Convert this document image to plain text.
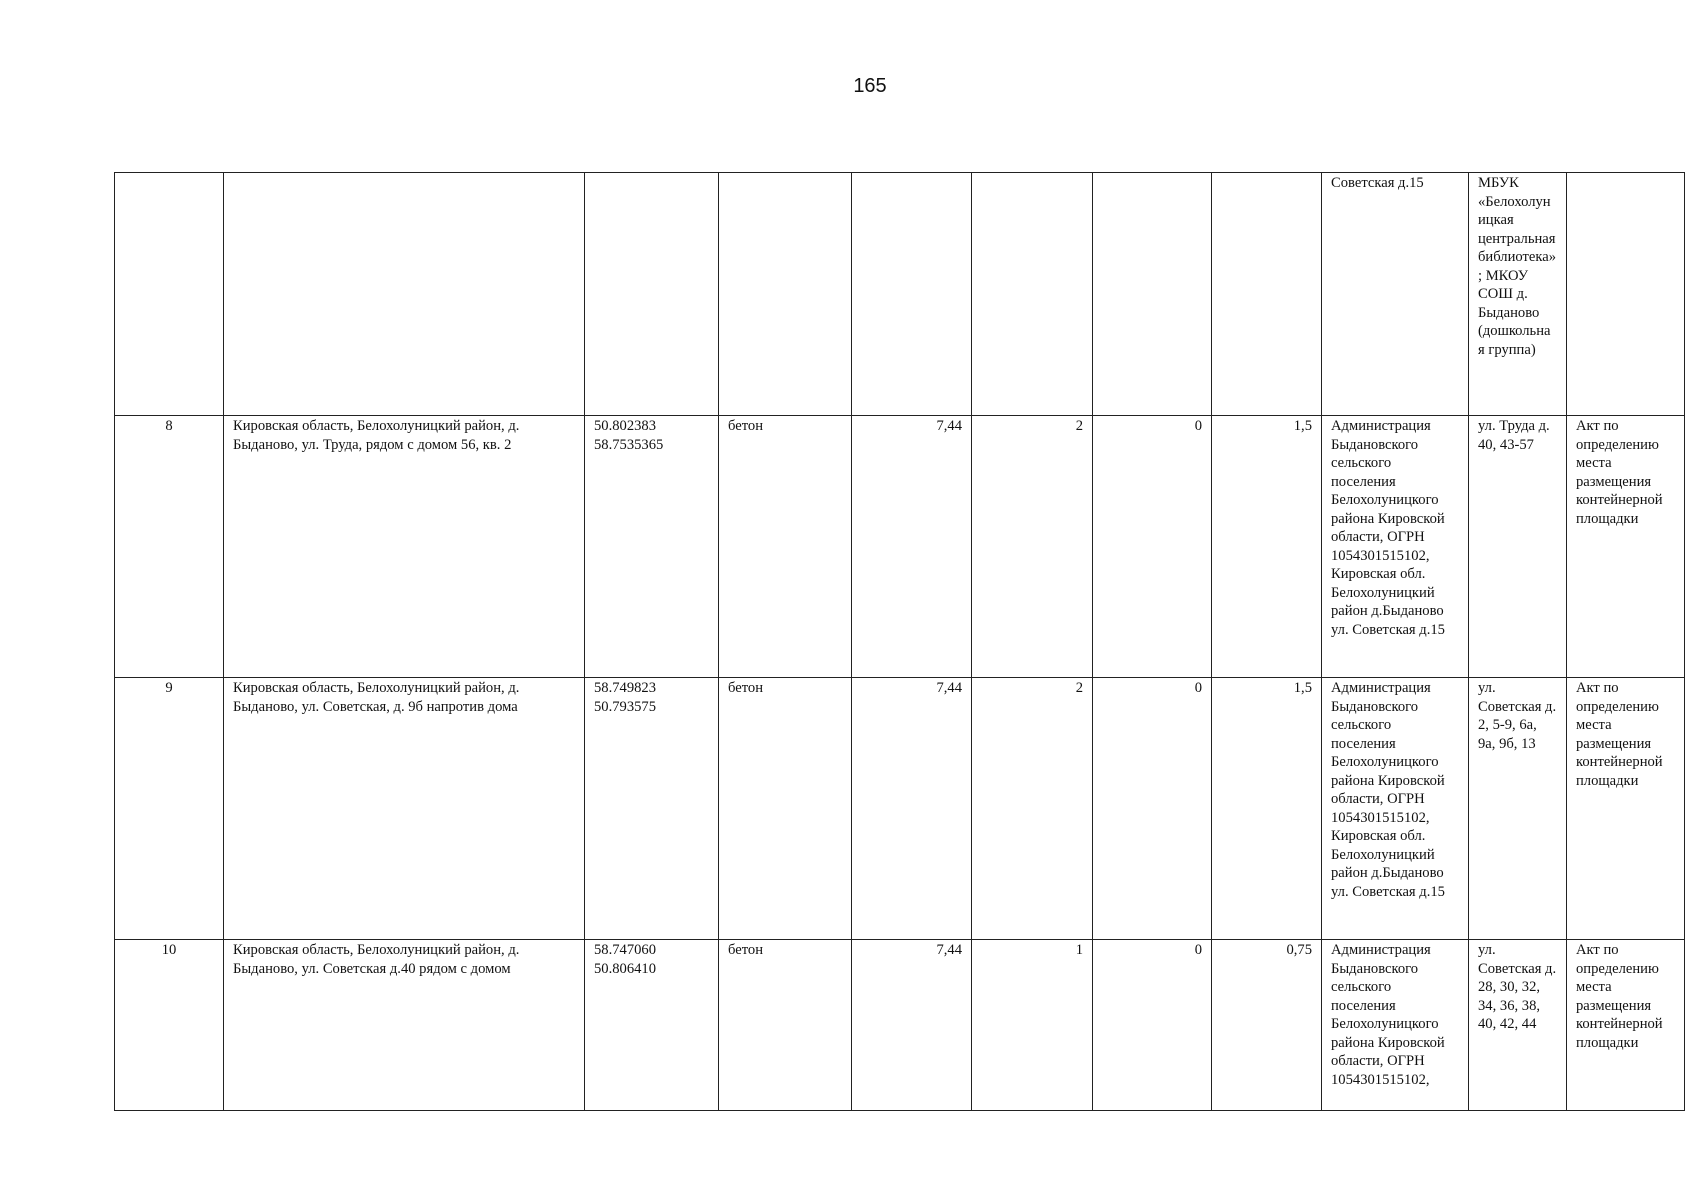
165
								Советская д.15	МБУК «Белохолуницкая центральная библиотека»; МКОУ СОШ д. Быданово (дошкольная группа)	
8	Кировская область, Белохолуницкий район, д. Быданово, ул. Труда, рядом с домом 56, кв. 2	50.802383
58.7535365	бетон	7,44	2	0	1,5	Администрация Быдановского сельского поселения Белохолуницкого района Кировской области, ОГРН 1054301515102, Кировская обл. Белохолуницкий район д.Быданово ул. Советская д.15	ул. Труда д. 40, 43-57	Акт по определению места размещения контейнерной площадки
9	Кировская область, Белохолуницкий район, д. Быданово, ул. Советская, д. 9б напротив дома	58.749823
50.793575	бетон	7,44	2	0	1,5	Администрация Быдановского сельского поселения Белохолуницкого района Кировской области, ОГРН 1054301515102, Кировская обл. Белохолуницкий район д.Быданово ул. Советская д.15	ул. Советская д. 2, 5-9, 6а, 9а, 9б, 13	Акт по определению места размещения контейнерной площадки
10	Кировская область, Белохолуницкий район, д. Быданово, ул. Советская д.40 рядом с домом	58.747060
50.806410	бетон	7,44	1	0	0,75	Администрация Быдановского сельского поселения Белохолуницкого района Кировской области, ОГРН 1054301515102,	ул. Советская д. 28, 30, 32, 34, 36, 38, 40, 42, 44	Акт по определению места размещения контейнерной площадки
